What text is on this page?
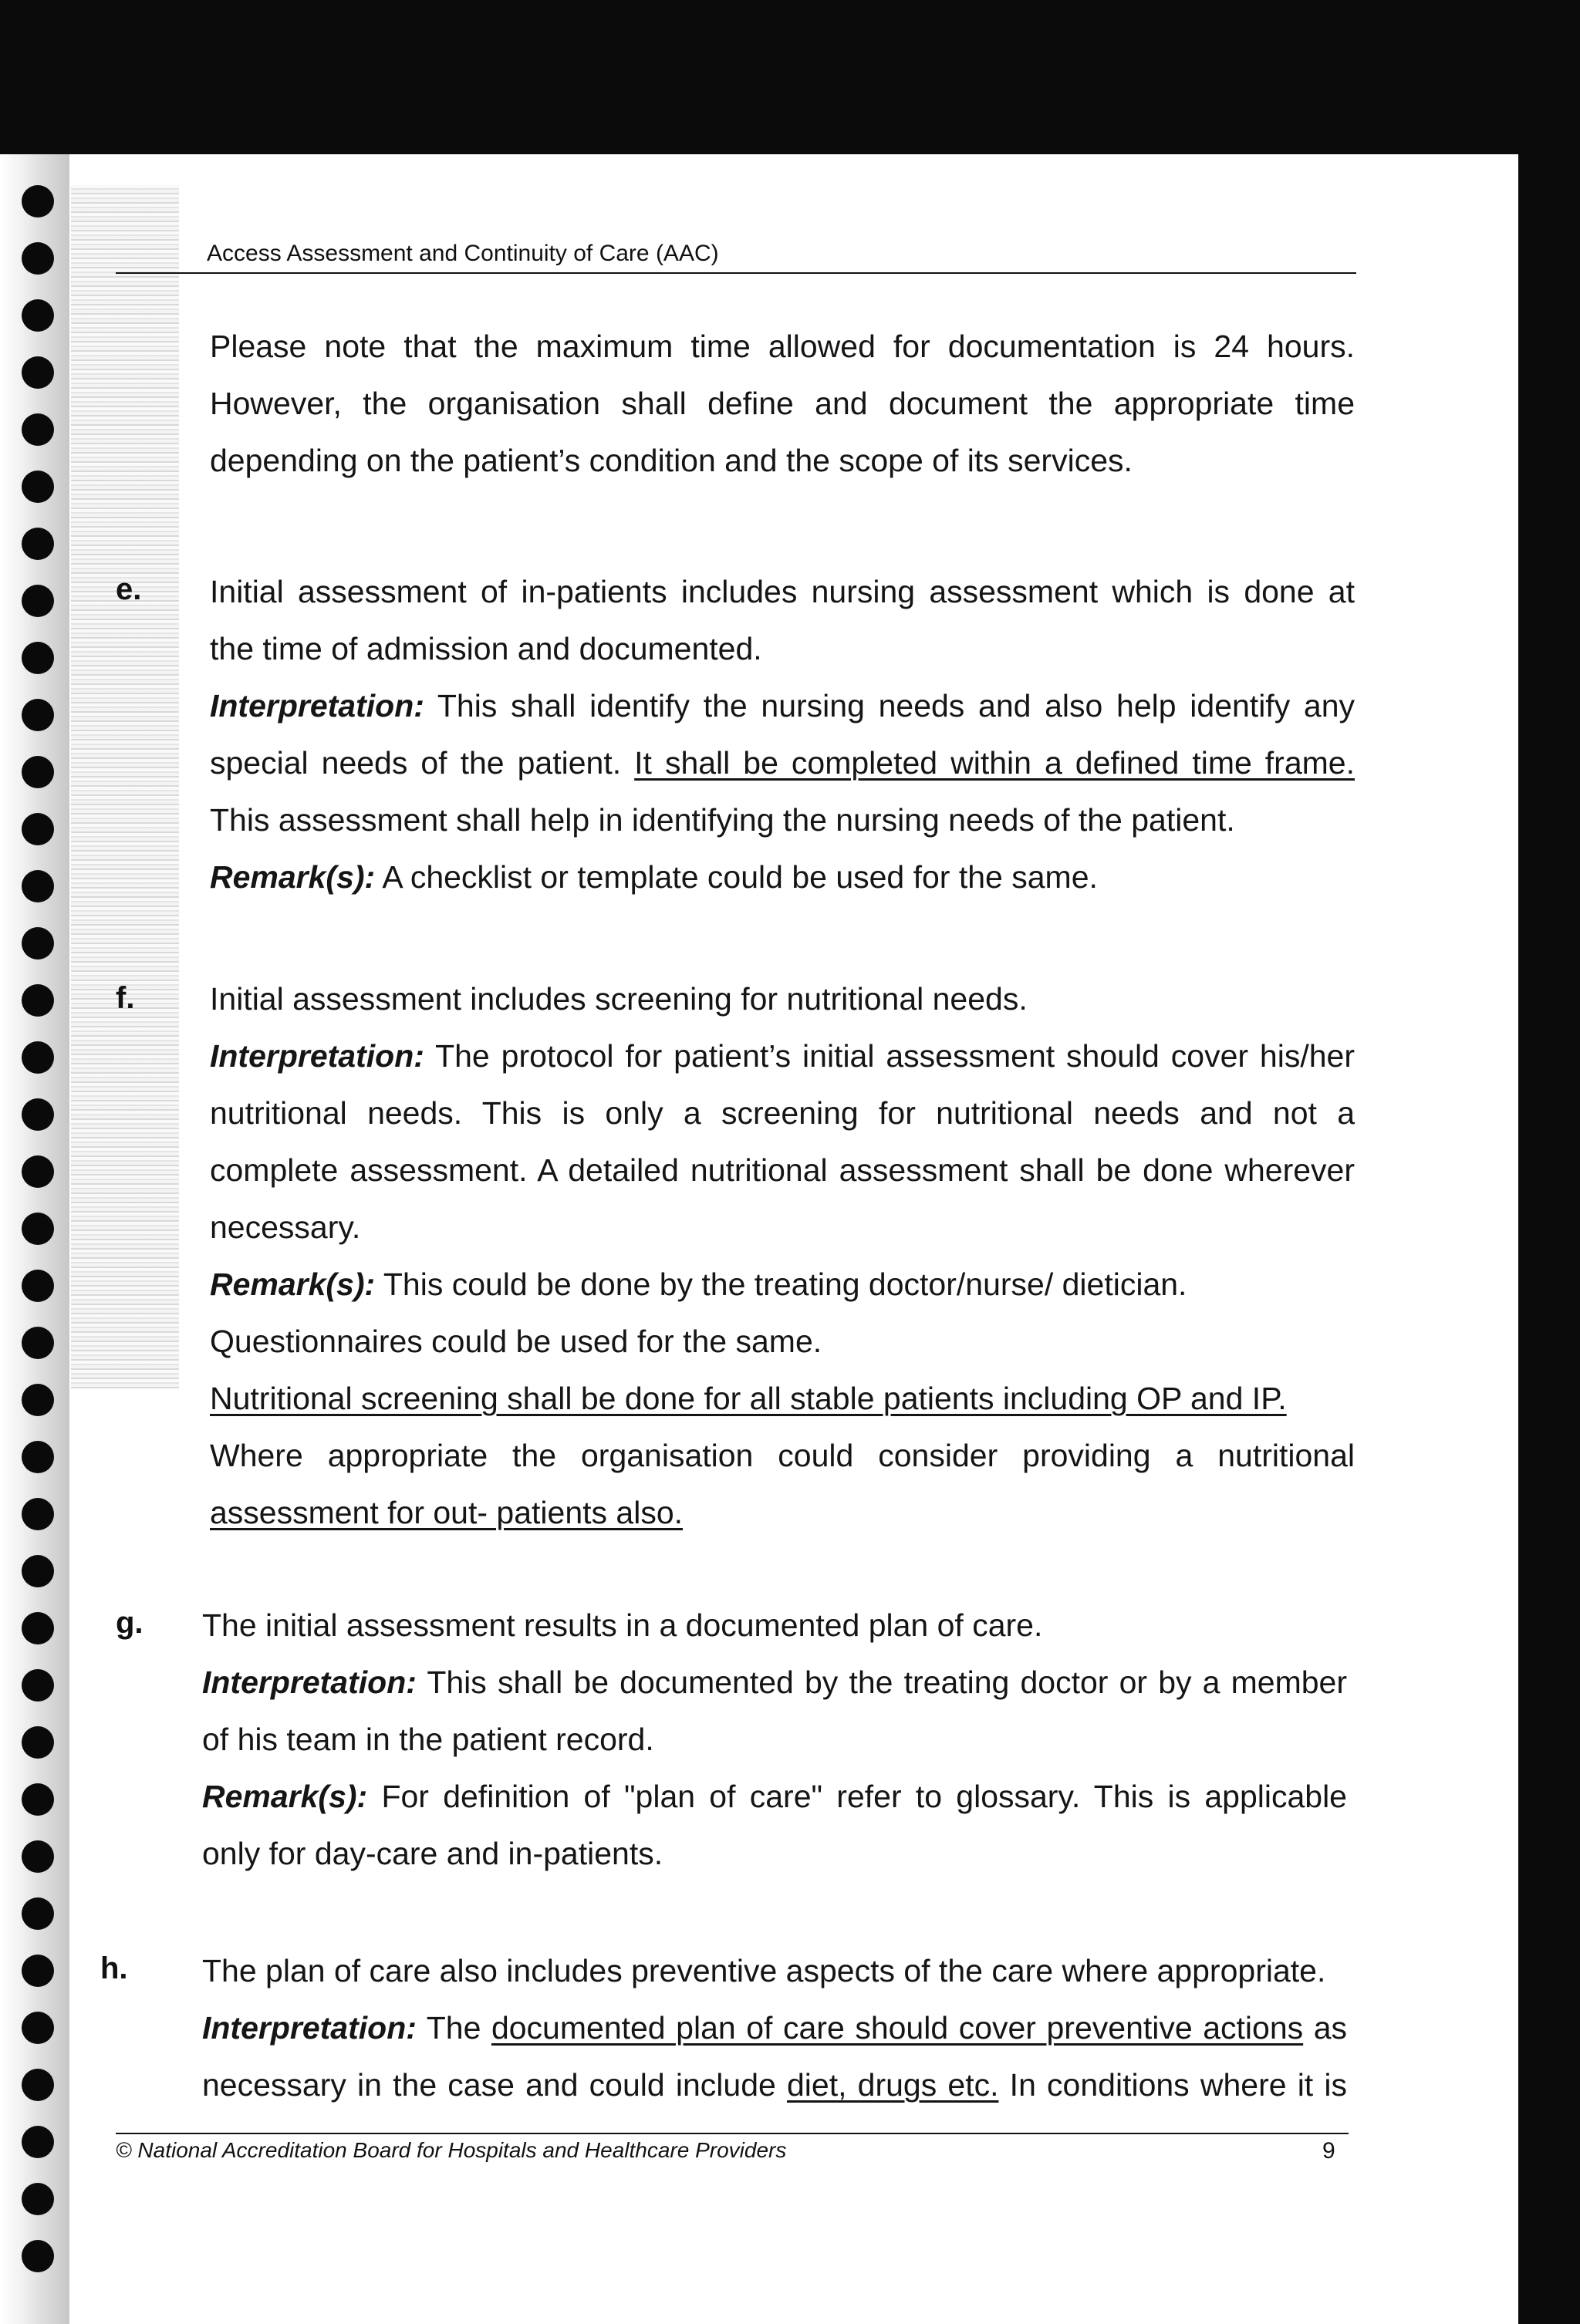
Access Assessment and Continuity of Care (AAC)
Please note that the maximum time allowed for documentation is 24 hours.
However, the organisation shall define and document the appropriate time
depending on the patient’s condition and the scope of its services.
e. Initial assessment of in-patients includes nursing assessment which is done at
the time of admission and documented.
Interpretation: This shall identify the nursing needs and also help identify any
special needs of the patient. It shall be completed within a defined time frame.
This assessment shall help in identifying the nursing needs of the patient.
Remark(s): A checklist or template could be used for the same.
f. Initial assessment includes screening for nutritional needs.
Interpretation: The protocol for patient’s initial assessment should cover his/her
nutritional needs. This is only a screening for nutritional needs and not a
complete assessment. A detailed nutritional assessment shall be done wherever
necessary.
Remark(s): This could be done by the treating doctor/nurse/ dietician.
Questionnaires could be used for the same.
Nutritional screening shall be done for all stable patients including OP and IP.
Where appropriate the organisation could consider providing a nutritional
assessment for out- patients also.
g. The initial assessment results in a documented plan of care.
Interpretation: This shall be documented by the treating doctor or by a member
of his team in the patient record.
Remark(s): For definition of "plan of care" refer to glossary. This is applicable
only for day-care and in-patients.
h. The plan of care also includes preventive aspects of the care where appropriate.
Interpretation: The documented plan of care should cover preventive actions as
necessary in the case and could include diet, drugs etc. In conditions where it is
© National Accreditation Board for Hospitals and Healthcare Providers	9
